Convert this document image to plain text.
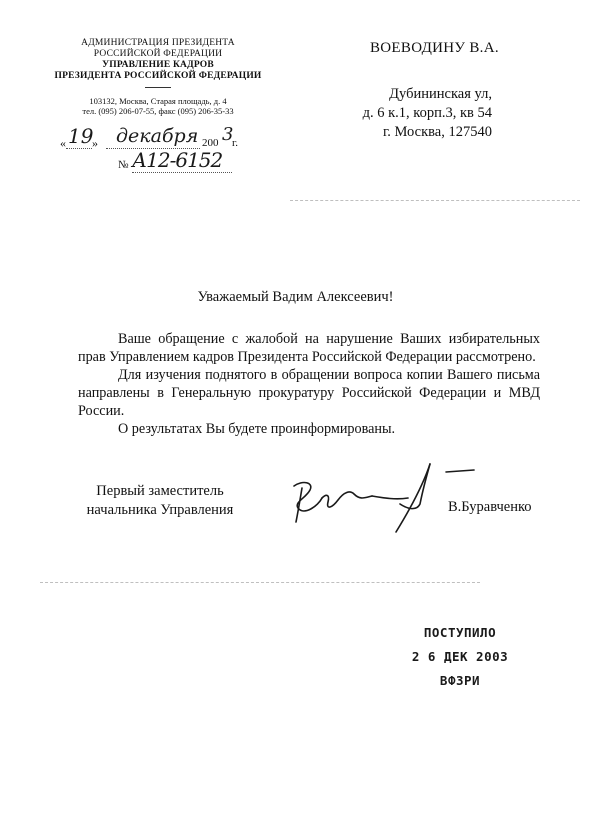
АДМИНИСТРАЦИЯ ПРЕЗИДЕНТА
РОССИЙСКОЙ ФЕДЕРАЦИИ
УПРАВЛЕНИЕ КАДРОВ
ПРЕЗИДЕНТА РОССИЙСКОЙ ФЕДЕРАЦИИ
103132, Москва, Старая площадь, д. 4
тел. (095) 206-07-55, факс (095) 206-35-33
« 19
» декабря 200 3
г.
№ А12-6152
ВОЕВОДИНУ В.А.
Дубининская ул,
д. 6 к.1, корп.3, кв 54
г. Москва, 127540
Уважаемый Вадим Алексеевич!

Ваше обращение с жалобой на нарушение Ваших избирательных прав Управлением кадров Президента Российской Федерации рассмотрено.

Для изучения поднятого в обращении вопроса копии Вашего письма направлены в Генеральную прокуратуру Российской Федерации и МВД России.

О результатах Вы будете проинформированы.

Первый заместитель
начальника Управления	В.Буравченко
ПОСТУПИЛО
2 6 ДЕК 2003
ВФЗРИ
